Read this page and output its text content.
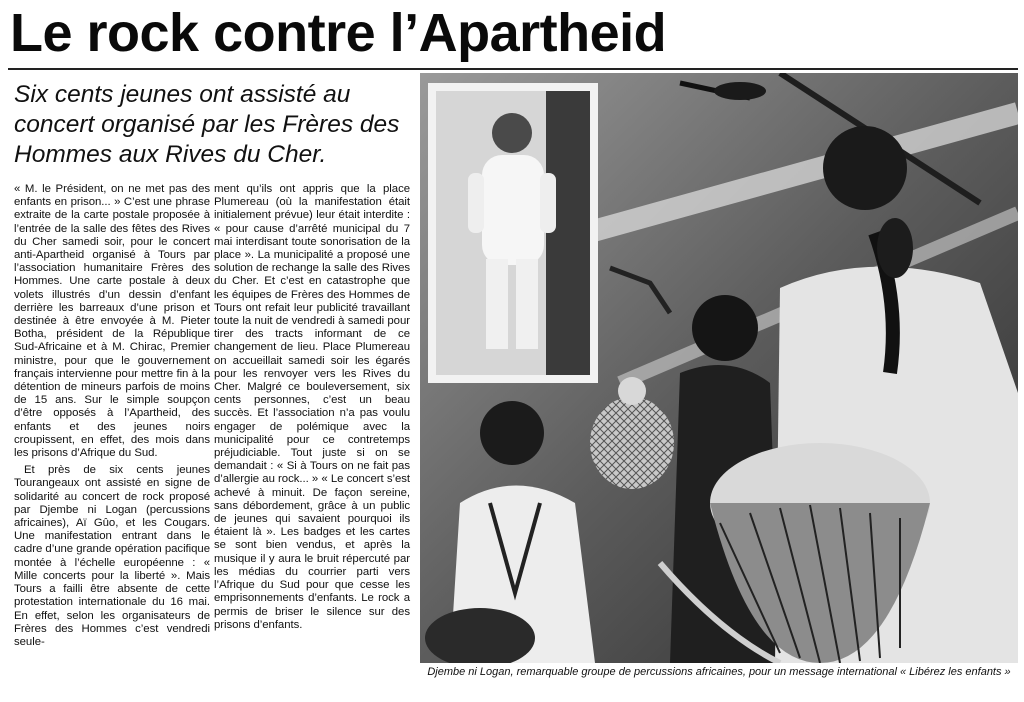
Le rock contre l’Apartheid

Six cents jeunes ont assisté au concert organisé par les Frères des Hommes aux Rives du Cher.

« M. le Président, on ne met pas des enfants en prison... » C’est une phrase extraite de la carte postale proposée à l’entrée de la salle des fêtes des Rives du Cher samedi soir, pour le concert anti-Apartheid organisé à Tours par l’association humanitaire Frères des Hommes. Une carte postale à deux volets illustrés d’un dessin d’enfant derrière les barreaux d’une prison et destinée à être envoyée à M. Pieter Botha, président de la République Sud-Africaine et à M. Chirac, Premier ministre, pour que le gouvernement français intervienne pour mettre fin à la détention de mineurs parfois de moins de 15 ans. Sur le simple soupçon d’être opposés à l’Apartheid, des enfants et des jeunes noirs croupissent, en effet, des mois dans les prisons d’Afrique du Sud.

Et près de six cents jeunes Tourangeaux ont assisté en signe de solidarité au concert de rock proposé par Djembe ni Logan (percussions africaines), Aï Gûo, et les Cougars. Une manifestation entrant dans le cadre d’une grande opération pacifique montée à l’échelle européenne : « Mille concerts pour la liberté ». Mais Tours a failli être absente de cette protestation internationale du 16 mai. En effet, selon les organisateurs de Frères des Hommes c’est vendredi seule-

ment qu’ils ont appris que la place Plumereau (où la manifestation était initialement prévue) leur était interdite : « pour cause d’arrêté municipal du 7 mai interdisant toute sonorisation de la place ». La municipalité a proposé une solution de rechange la salle des Rives du Cher. Et c’est en catastrophe que les équipes de Frères des Hommes de Tours ont refait leur publicité travaillant toute la nuit de vendredi à samedi pour tirer des tracts informant de ce changement de lieu. Place Plumereau on accueillait samedi soir les égarés pour les renvoyer vers les Rives du Cher. Malgré ce bouleversement, six cents personnes, c’est un beau succès. Et l’association n’a pas voulu engager de polémique avec la municipalité pour ce contretemps préjudiciable. Tout juste si on se demandait : « Si à Tours on ne fait pas d’allergie au rock... » « Le concert s’est achevé à minuit. De façon sereine, sans débordement, grâce à un public de jeunes qui savaient pourquoi ils étaient là ». Les badges et les cartes se sont bien vendus, et après la musique il y aura le bruit répercuté par les médias du courrier parti vers l’Afrique du Sud pour que cesse les emprisonnements d’enfants. Le rock a permis de briser le silence sur des prisons d’enfants.

Djembe ni Logan, remarquable groupe de percussions africaines, pour un message international « Libérez les enfants »
